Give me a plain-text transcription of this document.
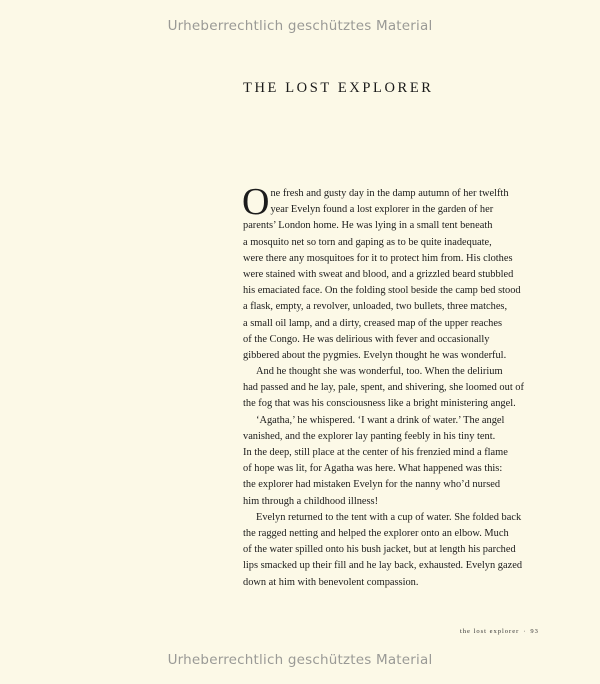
Urheberrechtlich geschütztes Material
THE LOST EXPLORER
O ne fresh and gusty day in the damp autumn of her twelfth
year Evelyn found a lost explorer in the garden of her
parents’ London home. He was lying in a small tent beneath
a mosquito net so torn and gaping as to be quite inadequate,
were there any mosquitoes for it to protect him from. His clothes
were stained with sweat and blood, and a grizzled beard stubbled
his emaciated face. On the folding stool beside the camp bed stood
a flask, empty, a revolver, unloaded, two bullets, three matches,
a small oil lamp, and a dirty, creased map of the upper reaches
of the Congo. He was delirious with fever and occasionally
gibbered about the pygmies. Evelyn thought he was wonderful.
And he thought she was wonderful, too. When the delirium
had passed and he lay, pale, spent, and shivering, she loomed out of
the fog that was his consciousness like a bright ministering angel.
‘Agatha,’ he whispered. ‘I want a drink of water.’ The angel
vanished, and the explorer lay panting feebly in his tiny tent.
In the deep, still place at the center of his frenzied mind a flame
of hope was lit, for Agatha was here. What happened was this:
the explorer had mistaken Evelyn for the nanny who’d nursed
him through a childhood illness!
Evelyn returned to the tent with a cup of water. She folded back
the ragged netting and helped the explorer onto an elbow. Much
of the water spilled onto his bush jacket, but at length his parched
lips smacked up their fill and he lay back, exhausted. Evelyn gazed
down at him with benevolent compassion.
the lost explorer · 93
Urheberrechtlich geschütztes Material
